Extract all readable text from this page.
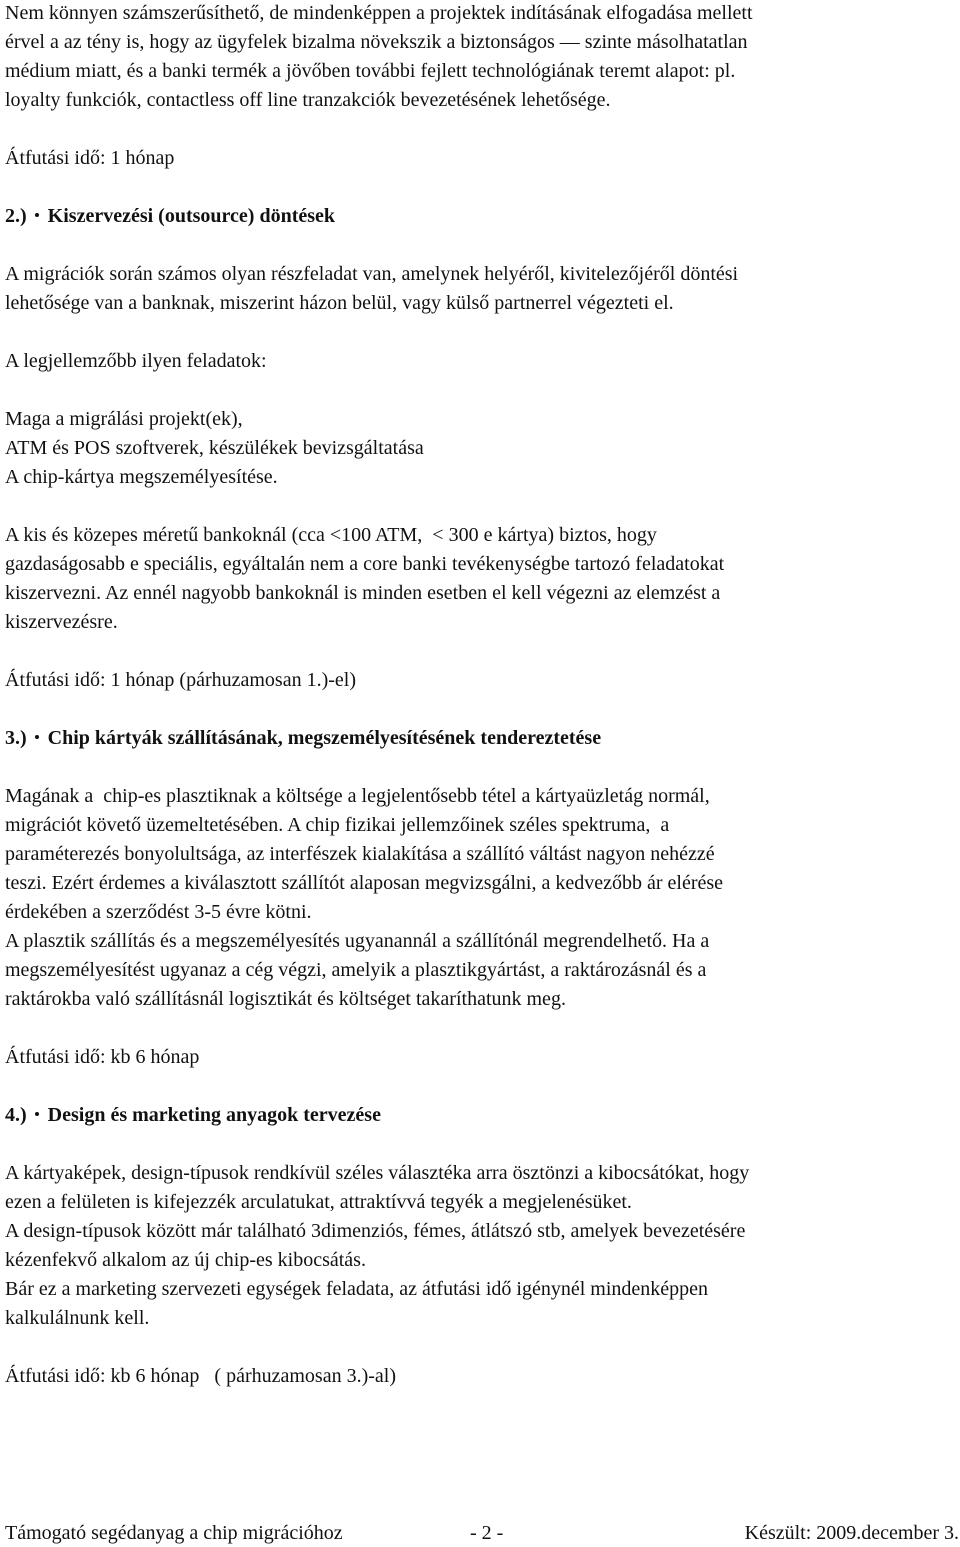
Nem könnyen számszerűsíthető, de mindenképpen a projektek indításának elfogadása mellett
érvel a az tény is, hogy az ügyfelek bizalma növekszik a biztonságos — szinte másolhatatlan
médium miatt, és a banki termék a jövőben további fejlett technológiának teremt alapot: pl.
loyalty funkciók, contactless off line tranzakciók bevezetésének lehetősége.
Átfutási idő: 1 hónap
2.) Kiszervezési (outsource) döntések
A migrációk során számos olyan részfeladat van, amelynek helyéről, kivitelezőjéről döntési
lehetősége van a banknak, miszerint házon belül, vagy külső partnerrel végezteti el.
A legjellemzőbb ilyen feladatok:
Maga a migrálási projekt(ek),
ATM és POS szoftverek, készülékek bevizsgáltatása
A chip-kártya megszemélyesítése.
A kis és közepes méretű bankoknál (cca <100 ATM,  < 300 e kártya) biztos, hogy
gazdaságosabb e speciális, egyáltalán nem a core banki tevékenységbe tartozó feladatokat
kiszervezni. Az ennél nagyobb bankoknál is minden esetben el kell végezni az elemzést a
kiszervezésre.
Átfutási idő: 1 hónap (párhuzamosan 1.)-el)
3.) Chip kártyák szállításának, megszemélyesítésének tendereztetése
Magának a  chip-es plasztiknak a költsége a legjelentősebb tétel a kártyaüzletág normál,
migrációt követő üzemeltetésében. A chip fizikai jellemzőinek széles spektruma,  a
paraméterezés bonyolultsága, az interfészek kialakítása a szállító váltást nagyon nehézzé
teszi. Ezért érdemes a kiválasztott szállítót alaposan megvizsgálni, a kedvezőbb ár elérése
érdekében a szerződést 3-5 évre kötni.
A plasztik szállítás és a megszemélyesítés ugyanannál a szállítónál megrendelhető. Ha a
megszemélyesítést ugyanaz a cég végzi, amelyik a plasztikgyártást, a raktározásnál és a
raktárokba való szállításnál logisztikát és költséget takaríthatunk meg.
Átfutási idő: kb 6 hónap
4.) Design és marketing anyagok tervezése
A kártyaképek, design-típusok rendkívül széles választéka arra ösztönzi a kibocsátókat, hogy
ezen a felületen is kifejezzék arculatukat, attraktívvá tegyék a megjelenésüket.
A design-típusok között már található 3dimenziós, fémes, átlátszó stb, amelyek bevezetésére
kézenfekvő alkalom az új chip-es kibocsátás.
Bár ez a marketing szervezeti egységek feladata, az átfutási idő igénynél mindenképpen
kalkulálnunk kell.
Átfutási idő: kb 6 hónap   ( párhuzamosan 3.)-al)
Támogató segédanyag a chip migrációhoz	- 2 -	Készült: 2009.december 3.
